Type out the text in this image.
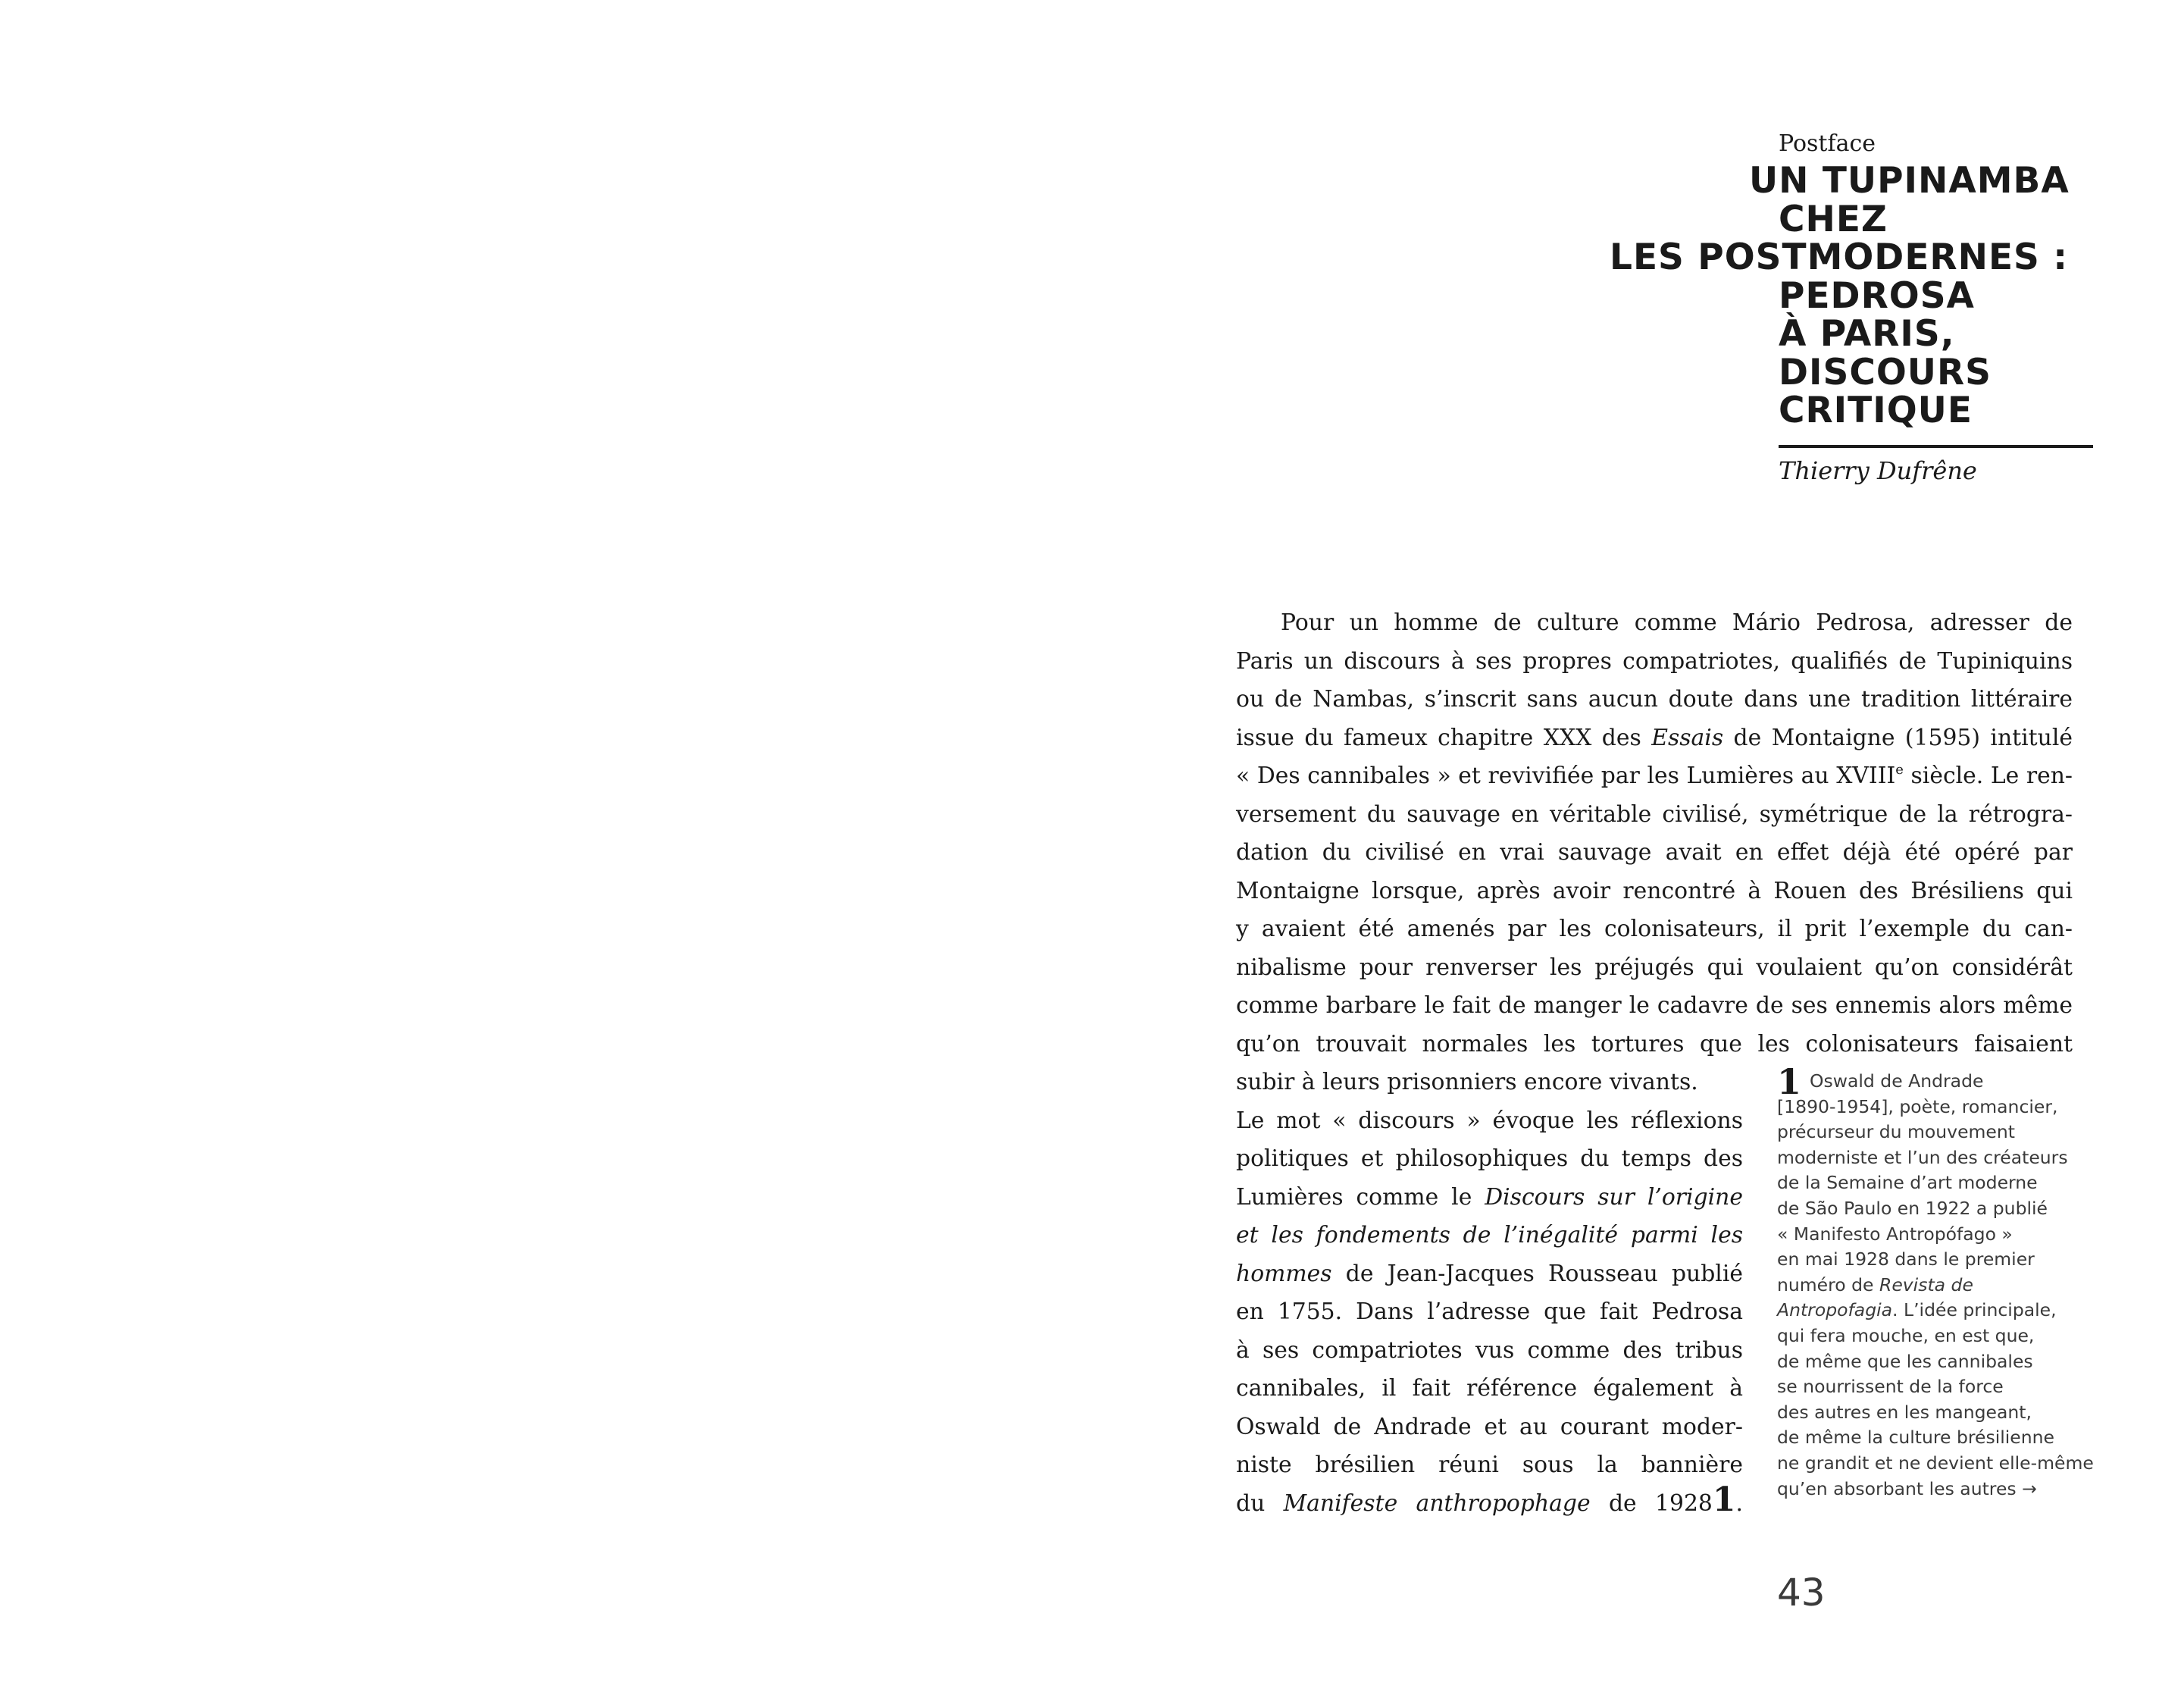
Postface
UN TUPINAMBA
CHEZ
LES POSTMODERNES :
PEDROSA
À PARIS,
DISCOURS
CRITIQUE
Thierry Dufrêne
Pour un homme de culture comme Mário Pedrosa, adresser de
Paris un discours à ses propres compatriotes, qualifiés de Tupiniquins
ou de Nambas, s’inscrit sans aucun doute dans une tradition littéraire
issue du fameux chapitre XXX des Essais de Montaigne (1595) intitulé
« Des cannibales » et revivifiée par les Lumières au XVIIIe siècle. Le ren-
versement du sauvage en véritable civilisé, symétrique de la rétrogra-
dation du civilisé en vrai sauvage avait en effet déjà été opéré par
Montaigne lorsque, après avoir rencontré à Rouen des Brésiliens qui
y avaient été amenés par les colonisateurs, il prit l’exemple du can-
nibalisme pour renverser les préjugés qui voulaient qu’on considérât
comme barbare le fait de manger le cadavre de ses ennemis alors même
qu’on trouvait normales les tortures que les colonisateurs faisaient
subir à leurs prisonniers encore vivants.
Le mot « discours » évoque les réflexions
politiques et philosophiques du temps des
Lumières comme le Discours sur l’origine
et les fondements de l’inégalité parmi les
hommes de Jean-Jacques Rousseau publié
en 1755. Dans l’adresse que fait Pedrosa
à ses compatriotes vus comme des tribus
cannibales, il fait référence également à
Oswald de Andrade et au courant moder-
niste brésilien réuni sous la bannière
du Manifeste anthropophage de 19281.
1 Oswald de Andrade
[1890-1954], poète, romancier,
précurseur du mouvement
moderniste et l’un des créateurs
de la Semaine d’art moderne
de São Paulo en 1922 a publié
« Manifesto Antropófago »
en mai 1928 dans le premier
numéro de Revista de
Antropofagia. L’idée principale,
qui fera mouche, en est que,
de même que les cannibales
se nourrissent de la force
des autres en les mangeant,
de même la culture brésilienne
ne grandit et ne devient elle-même
qu’en absorbant les autres →
43
